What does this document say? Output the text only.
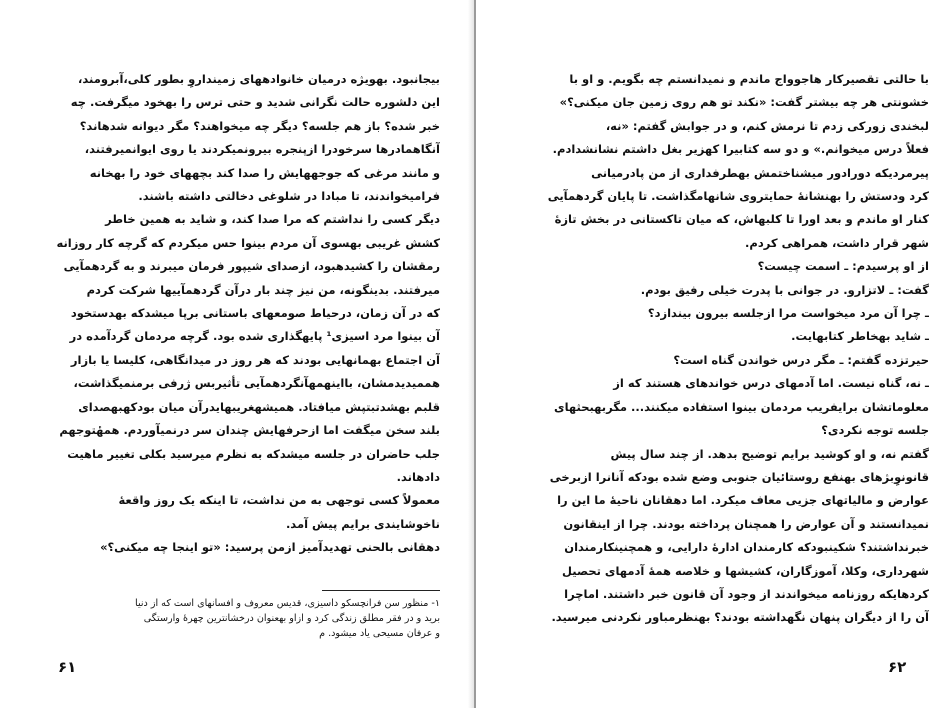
بیجانبود. بهویژه درمیان خانوادههای زمینداروِ بطور کلی،آبرومند،
این دلشوره حالت نگرانی شدید و حتی ترس را بهخود میگرفت. چه
خبر شده؟ باز هم جلسه؟ دیگر چه میخواهند؟ مگر دیوانه شدهاند؟
آنگاهمادرها سرخودرا ازپنجره بیرونمیکردند یا روی ایوانمیرفتند،
و مانند مرغی که جوجههایش را صدا کند بچههای خود را بهخانه
فرامیخواندند، تا مبادا در شلوغی دخالتی داشته باشند.
دیگر کسی را نداشتم که مرا صدا کند، و شاید به همین خاطر
کشش غریبی بهسوی آن مردم بینوا حس میکردم که گرچه کار روزانه
رمقشان را کشیدهبود، ازصدای شیپور فرمان میبرند و به گردهمآیی
میرفتند. بدینگونه، من نیز چند بار درآن گردهمآییها شرکت کردم
که در آن زمان، درحیاط صومعهای باستانی برپا میشدکه بهدستخود
آن بینوا مرد اسیزی¹ پایهگذاری شده بود. گرچه مردمان گردآمده در
آن اجتماع بهمانهایی بودند که هر روز در میدانگاهی، کلیسا یا بازار
هممیدیدمشان، بااینهمهآنگردهمآیی تأثیربس ژرفی برمنمیگذاشت،
قلبم بهشدتبتپش میافتاد. همیشهغریبهایدرآن میان بودکهبهصدای
بلند سخن میگفت اما ازحرفهایش چندان سر درنمیآوردم. همهٔتوجهم
جلب حاضران در جلسه میشدکه به نظرم میرسید بکلی تغییر ماهیت
دادهاند.
معمولاً کسی توجهی به من نداشت، تا اینکه یک روز واقعهٔ
ناخوشایندی برایم پیش آمد.
دهقانی بالحنی تهدیدآمیز ازمن پرسید: «تو اینجا چه میکنی؟»
۱- منظور سن فرانچسکو داسیزی، قدیس معروف و افسانهای است که از دنیا
برید و در فقر مطلق زندگی کرد و ازاو بهعنوان درخشانترین چهرهٔ وارستگی
و عرفان مسیحی یاد میشود. م
۶۱
با حالتی تقصیرکار هاجوواج ماندم و نمیدانستم چه بگویم. و او با
خشونتی هر چه بیشتر گفت: «نکند تو هم روی زمین جان میکنی؟»
لبخندی زورکی زدم تا نرمش کنم، و در جوابش گفتم: «نه،
فعلاً درس میخوانم.» و دو سه کتابیرا کهزیر بغل داشتم نشانشدادم.
پیرمردیکه دورادور میشناختمش بهطرفداری از من پادرمیانی
کرد ودستش را بهنشانهٔ حمایتروی شانهامگذاشت. تا پایان گردهمآیی
کنار او ماندم و بعد اورا تا کلبهاش، که میان تاکستانی در بخش تازهٔ
شهر قرار داشت، همراهی کردم.
از او پرسیدم: ـ اسمت چیست؟
گفت: ـ لاتزارو. در جوانی با پدرت خیلی رفیق بودم.
ـ چرا آن مرد میخواست مرا ازجلسه بیرون بیندازد؟
ـ شاید بهخاطر کتابهایت.
حیرتزده گفتم: ـ مگر درس خواندن گناه است؟
ـ نه، گناه نیست. اما آدمهای درس خواندهای هستند که از
معلوماتشان برایفریب مردمان بینوا استفاده میکنند... مگربهبحثهای
جلسه توجه نکردی؟
گفتم نه، و او کوشید برایم توضیح بدهد. از چند سال پیش
قانونوِبژهای بهنفع روستائیان جنوبی وضع شده بودکه آنانرا ازبرخی
عوارض و مالیاتهای جزیی معاف میکرد. اما دهقانان ناحیهٔ ما این را
نمیدانستند و آن عوارض را همچنان پرداخته بودند. چرا از اینقانون
خبرنداشتند؟ شکینبودکه کارمندان ادارهٔ دارایی، و همچنینکارمندان
شهرداری، وکلا، آموزگاران، کشیشها و خلاصه همهٔ آدمهای تحصیل
کردهایکه روزنامه میخواندند از وجود آن قانون خبر داشتند. اماچرا
آن را از دیگران پنهان نگهداشته بودند؟ بهنظرمباور نکردنی میرسید.
۶۲
